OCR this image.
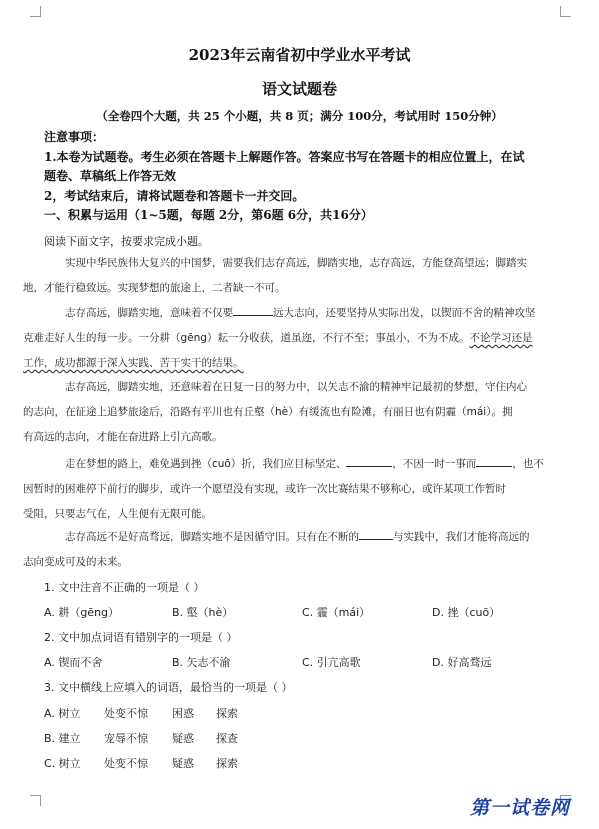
2023年云南省初中学业水平考试
语文试题卷
（全卷四个大题，共 25 个小题，共 8 页；满分 100分，考试用时 150分钟）
注意事项：
1.本卷为试题卷。考生必须在答题卡上解题作答。答案应书写在答题卡的相应位置上，在试
题卷、草稿纸上作答无效
2，考试结束后，请将试题卷和答题卡一并交回。
一、积累与运用（1~5题，每题 2分，第6题 6分，共16分）
阅读下面文字，按要求完成小题。
实现中华民族伟大复兴的中国梦，需要我们志存高远，脚踏实地，志存高远，方能登高望远；脚踏实
地，才能行稳致远。实现梦想的旅途上，二者缺一不可。
志存高远，脚踏实地，意味着不仅要	远大志向，还要坚持从实际出发，以锲而不舍的精神攻坚
克难走好人生的每一步。一分耕（gēng）耘一分收获，道虽迩，不行不至；事虽小，不为不成。不论学习还是
工作，成功都源于深入实践、苦干实干的结果。
志存高远，脚踏实地，还意味着在日复一日的努力中，以矢志不渝的精神牢记最初的梦想，守住内心
的志向，在征途上追梦旅途后，沿路有平川也有丘壑（hè）有缓流也有险滩，有丽日也有阴霾（mái）。拥
有高远的志向，才能在奋进路上引亢高歌。
走在梦想的路上，难免遇到挫（cuō）折，我们应目标坚定、	，不因一时一事而	，也不
因暂时的困难停下前行的脚步，或许一个愿望没有实现，或许一次比赛结果不够称心，或许某项工作暂时
受阻，只要志气在，人生便有无限可能。
志存高远不是好高骛远，脚踏实地不是因循守旧。只有在不断的	与实践中，我们才能将高远的
志向变成可及的未来。
1. 文中注音不正确的一项是（ ）
A. 耕（gēng）	B. 壑（hè）	C. 霾（mái）	D. 挫（cuō）
2. 文中加点词语有错别字的一项是（ ）
A. 锲而不舍	B. 矢志不渝	C. 引亢高歌	D. 好高骛远
3. 文中横线上应填入的词语，最恰当的一项是（ ）
A. 树立 处变不惊 困惑 探索
B. 建立 宠辱不惊 疑惑 探查
C. 树立 处变不惊 疑惑 探索
第一试卷网
